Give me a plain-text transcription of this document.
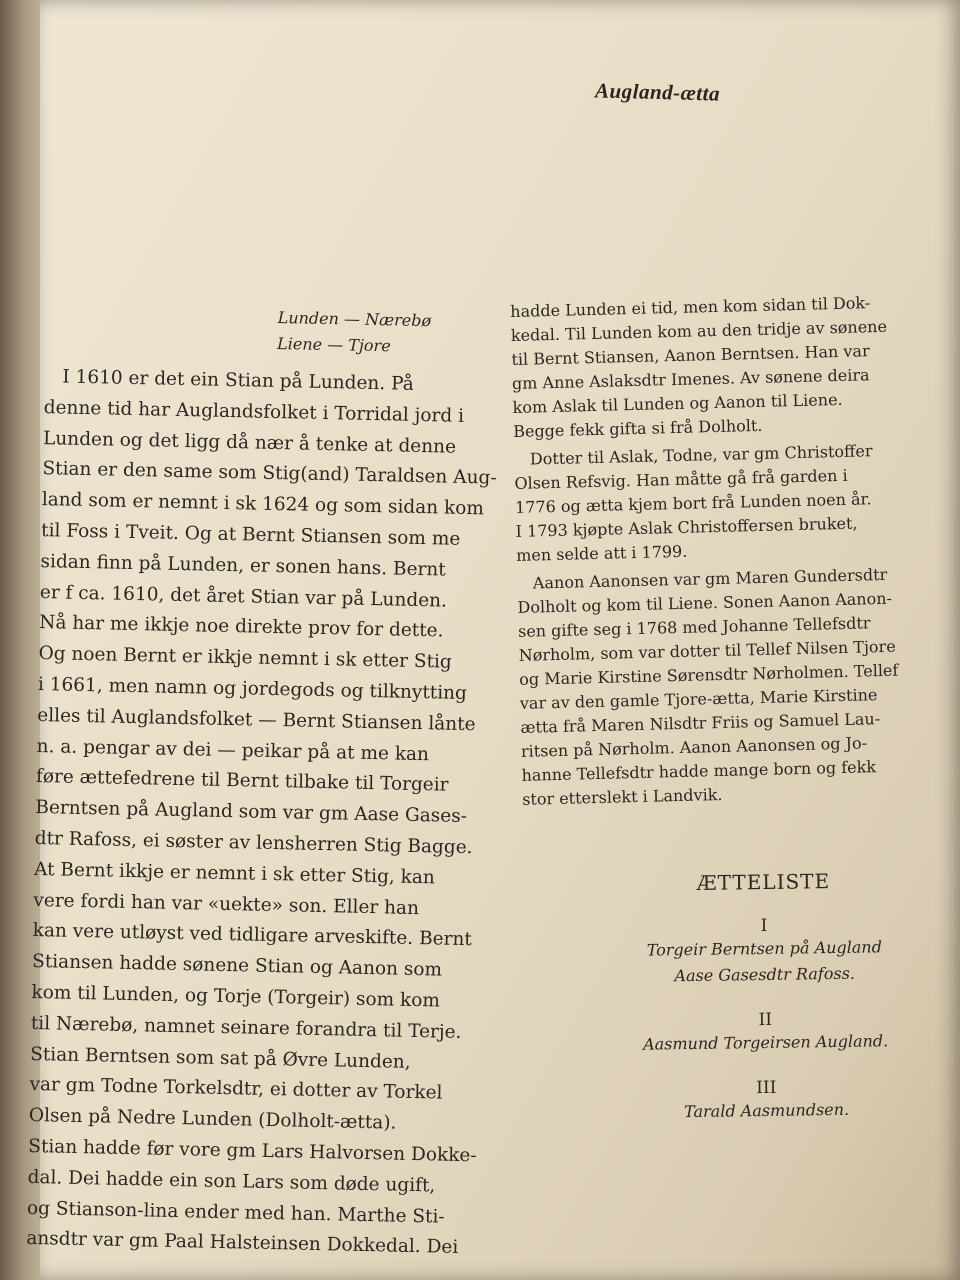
Augland-ætta
Lunden — Nærebø
Liene — Tjore
I 1610 er det ein Stian på Lunden. På
denne tid har Auglandsfolket i Torridal jord i
Lunden og det ligg då nær å tenke at denne
Stian er den same som Stig(and) Taraldsen Aug-
land som er nemnt i sk 1624 og som sidan kom
til Foss i Tveit. Og at Bernt Stiansen som me
sidan finn på Lunden, er sonen hans. Bernt
er f ca. 1610, det året Stian var på Lunden.
Nå har me ikkje noe direkte prov for dette.
Og noen Bernt er ikkje nemnt i sk etter Stig
i 1661, men namn og jordegods og tilknytting
elles til Auglandsfolket — Bernt Stiansen lånte
n. a. pengar av dei — peikar på at me kan
føre ættefedrene til Bernt tilbake til Torgeir
Berntsen på Augland som var gm Aase Gases-
dtr Rafoss, ei søster av lensherren Stig Bagge.
At Bernt ikkje er nemnt i sk etter Stig, kan
vere fordi han var «uekte» son. Eller han
kan vere utløyst ved tidligare arveskifte. Bernt
Stiansen hadde sønene Stian og Aanon som
kom til Lunden, og Torje (Torgeir) som kom
til Nærebø, namnet seinare forandra til Terje.
Stian Berntsen som sat på Øvre Lunden,
var gm Todne Torkelsdtr, ei dotter av Torkel
Olsen på Nedre Lunden (Dolholt-ætta).
Stian hadde før vore gm Lars Halvorsen Dokke-
dal. Dei hadde ein son Lars som døde ugift,
og Stianson-lina ender med han. Marthe Sti-
ansdtr var gm Paal Halsteinsen Dokkedal. Dei

hadde Lunden ei tid, men kom sidan til Dok-
kedal. Til Lunden kom au den tridje av sønene
til Bernt Stiansen, Aanon Berntsen. Han var
gm Anne Aslaksdtr Imenes. Av sønene deira
kom Aslak til Lunden og Aanon til Liene.
Begge fekk gifta si frå Dolholt.

Dotter til Aslak, Todne, var gm Christoffer
Olsen Refsvig. Han måtte gå frå garden i
1776 og ætta kjem bort frå Lunden noen år.
I 1793 kjøpte Aslak Christoffersen bruket,
men selde att i 1799.

Aanon Aanonsen var gm Maren Gundersdtr
Dolholt og kom til Liene. Sonen Aanon Aanon-
sen gifte seg i 1768 med Johanne Tellefsdtr
Nørholm, som var dotter til Tellef Nilsen Tjore
og Marie Kirstine Sørensdtr Nørholmen. Tellef
var av den gamle Tjore-ætta, Marie Kirstine
ætta frå Maren Nilsdtr Friis og Samuel Lau-
ritsen på Nørholm. Aanon Aanonsen og Jo-
hanne Tellefsdtr hadde mange born og fekk
stor etterslekt i Landvik.

ÆTTELISTE
I
Torgeir Berntsen på Augland
Aase Gasesdtr Rafoss.
II
Aasmund Torgeirsen Augland.
III
Tarald Aasmundsen.
